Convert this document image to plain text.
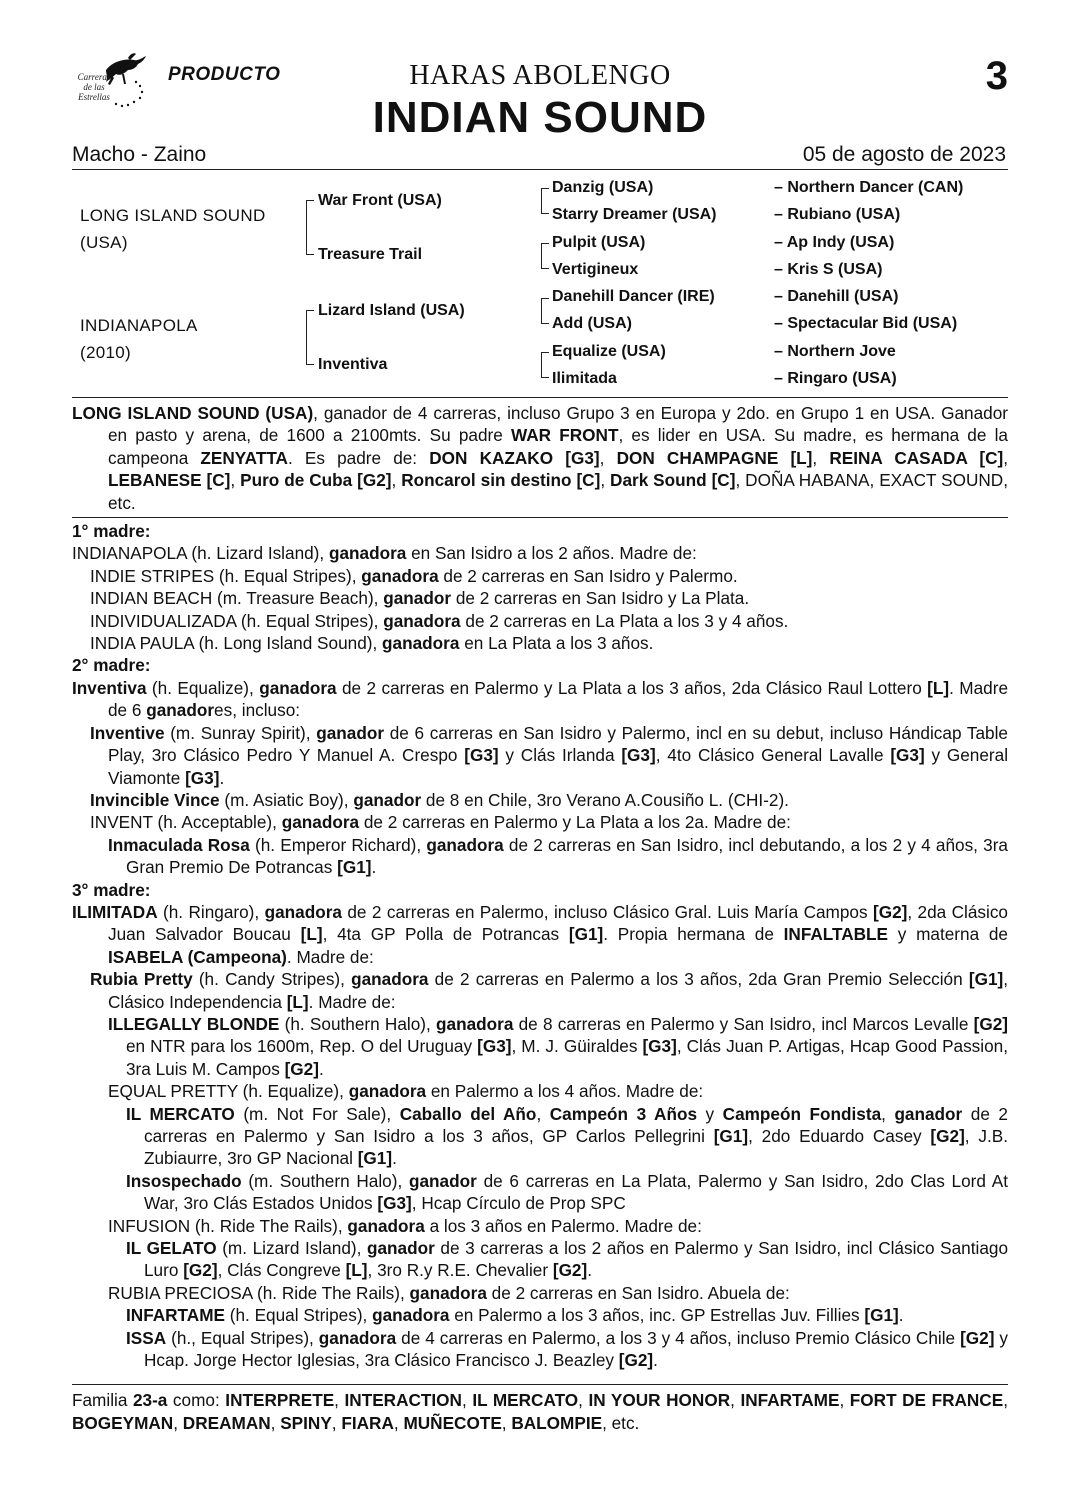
Carreras
de las Estrellas
PRODUCTO	HARAS ABOLENGO
INDIAN SOUND
3
Macho - Zaino	05 de agosto de 2023
LONG ISLAND SOUND
(USA)
INDIANAPOLA
(2010)
War Front (USA)
Treasure Trail
Lizard Island (USA)
Inventiva
Danzig (USA)
Starry Dreamer (USA)
Pulpit (USA)
Vertigineux
Danehill Dancer (IRE)
Add (USA)
Equalize (USA)
Ilimitada
– Northern Dancer (CAN)
– Rubiano (USA)
– Ap Indy (USA)
– Kris S (USA)
– Danehill (USA)
– Spectacular Bid (USA)
– Northern Jove
– Ringaro (USA)

LONG ISLAND SOUND (USA), ganador de 4 carreras, incluso Grupo 3 en Europa y 2do. en Grupo 1 en USA. Ganador en pasto y arena, de 1600 a 2100mts. Su padre WAR FRONT, es lider en USA. Su madre, es hermana de la campeona ZENYATTA. Es padre de: DON KAZAKO [G3], DON CHAMPAGNE [L], REINA CASADA [C], LEBANESE [C], Puro de Cuba [G2], Roncarol sin destino [C], Dark Sound [C], DOÑA HABANA, EXACT SOUND, etc.

1° madre:

INDIANAPOLA (h. Lizard Island), ganadora en San Isidro a los 2 años. Madre de:

INDIE STRIPES (h. Equal Stripes), ganadora de 2 carreras en San Isidro y Palermo.

INDIAN BEACH (m. Treasure Beach), ganador de 2 carreras en San Isidro y La Plata.

INDIVIDUALIZADA (h. Equal Stripes), ganadora de 2 carreras en La Plata a los 3 y 4 años.

INDIA PAULA (h. Long Island Sound), ganadora en La Plata a los 3 años.

2° madre:

Inventiva (h. Equalize), ganadora de 2 carreras en Palermo y La Plata a los 3 años, 2da Clásico Raul Lottero [L]. Madre de 6 ganadores, incluso:

Inventive (m. Sunray Spirit), ganador de 6 carreras en San Isidro y Palermo, incl en su debut, incluso Hándicap Table Play, 3ro Clásico Pedro Y Manuel A. Crespo [G3] y Clás Irlanda [G3], 4to Clásico General Lavalle [G3] y General Viamonte [G3].

Invincible Vince (m. Asiatic Boy), ganador de 8 en Chile, 3ro Verano A.Cousiño L. (CHI-2).

INVENT (h. Acceptable), ganadora de 2 carreras en Palermo y La Plata a los 2a. Madre de:

Inmaculada Rosa (h. Emperor Richard), ganadora de 2 carreras en San Isidro, incl debutando, a los 2 y 4 años, 3ra Gran Premio De Potrancas [G1].

3° madre:

ILIMITADA (h. Ringaro), ganadora de 2 carreras en Palermo, incluso Clásico Gral. Luis María Campos [G2], 2da Clásico Juan Salvador Boucau [L], 4ta GP Polla de Potrancas [G1]. Propia hermana de INFALTABLE y materna de ISABELA (Campeona). Madre de:

Rubia Pretty (h. Candy Stripes), ganadora de 2 carreras en Palermo a los 3 años, 2da Gran Premio Selección [G1], Clásico Independencia [L]. Madre de:

ILLEGALLY BLONDE (h. Southern Halo), ganadora de 8 carreras en Palermo y San Isidro, incl Marcos Levalle [G2] en NTR para los 1600m, Rep. O del Uruguay [G3], M. J. Güiraldes [G3], Clás Juan P. Artigas, Hcap Good Passion, 3ra Luis M. Campos [G2].

EQUAL PRETTY (h. Equalize), ganadora en Palermo a los 4 años. Madre de:

IL MERCATO (m. Not For Sale), Caballo del Año, Campeón 3 Años y Campeón Fondista, ganador de 2 carreras en Palermo y San Isidro a los 3 años, GP Carlos Pellegrini [G1], 2do Eduardo Casey [G2], J.B. Zubiaurre, 3ro GP Nacional [G1].

Insospechado (m. Southern Halo), ganador de 6 carreras en La Plata, Palermo y San Isidro, 2do Clas Lord At War, 3ro Clás Estados Unidos [G3], Hcap Círculo de Prop SPC

INFUSION (h. Ride The Rails), ganadora a los 3 años en Palermo. Madre de:

IL GELATO (m. Lizard Island), ganador de 3 carreras a los 2 años en Palermo y San Isidro, incl Clásico Santiago Luro [G2], Clás Congreve [L], 3ro R.y R.E. Chevalier [G2].

RUBIA PRECIOSA (h. Ride The Rails), ganadora de 2 carreras en San Isidro. Abuela de:

INFARTAME (h. Equal Stripes), ganadora en Palermo a los 3 años, inc. GP Estrellas Juv. Fillies [G1].

ISSA (h., Equal Stripes), ganadora de 4 carreras en Palermo, a los 3 y 4 años, incluso Premio Clásico Chile [G2] y Hcap. Jorge Hector Iglesias, 3ra Clásico Francisco J. Beazley [G2].

Familia 23-a como: INTERPRETE, INTERACTION, IL MERCATO, IN YOUR HONOR, INFARTAME, FORT DE FRANCE, BOGEYMAN, DREAMAN, SPINY, FIARA, MUÑECOTE, BALOMPIE, etc.
